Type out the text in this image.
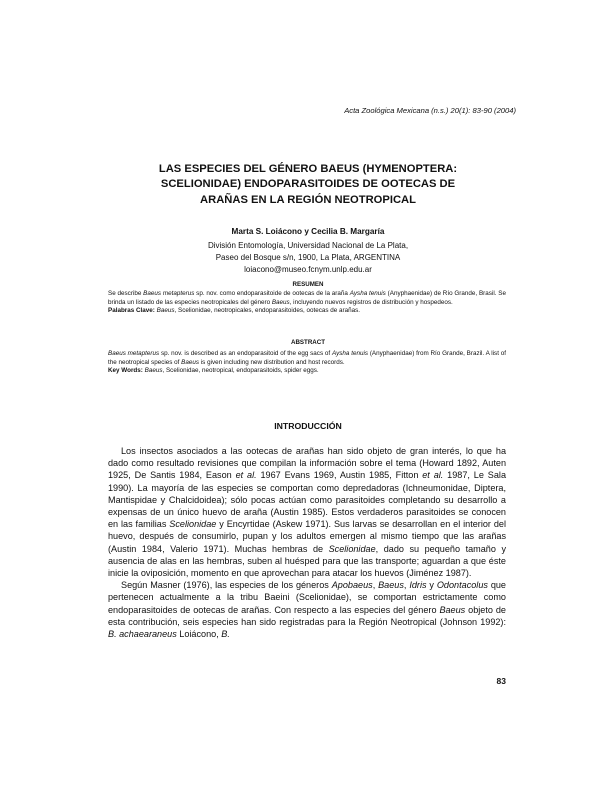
Acta Zoológica Mexicana (n.s.) 20(1): 83-90 (2004)
LAS ESPECIES DEL GÉNERO BAEUS (HYMENOPTERA:
SCELIONIDAE) ENDOPARASITOIDES DE OOTECAS DE
ARAÑAS EN LA REGIÓN NEOTROPICAL
Marta S. Loiácono y Cecilia B. Margaría
División Entomología, Universidad Nacional de La Plata,
Paseo del Bosque s/n, 1900, La Plata, ARGENTINA
loiacono@museo.fcnym.unlp.edu.ar
RESUMEN

Se describe Baeus metapterus sp. nov. como endoparasitoide de ootecas de la araña Aysha tenuis (Anyphaenidae) de Río Grande, Brasil. Se brinda un listado de las especies neotropicales del género Baeus, incluyendo nuevos registros de distribución y hospedeos.

Palabras Clave: Baeus, Scelionidae, neotropicales, endoparasitoides, ootecas de arañas.

ABSTRACT

Baeus metapterus sp. nov. is described as an endoparasitoid of the egg sacs of Aysha tenuis (Anyphaenidae) from Río Grande, Brazil. A list of the neotropical species of Baeus is given including new distribution and host records.

Key Words: Baeus, Scelionidae, neotropical, endoparasitoids, spider eggs.

INTRODUCCIÓN

Los insectos asociados a las ootecas de arañas han sido objeto de gran interés, lo que ha dado como resultado revisiones que compilan la información sobre el tema (Howard 1892, Auten 1925, De Santis 1984, Eason et al. 1967 Evans 1969, Austin 1985, Fitton et al. 1987, Le Sala 1990). La mayoría de las especies se comportan como depredadoras (Ichneumonidae, Diptera, Mantispidae y Chalcidoidea); sólo pocas actúan como parasitoides completando su desarrollo a expensas de un único huevo de araña (Austin 1985). Estos verdaderos parasitoides se conocen en las familias Scelionidae y Encyrtidae (Askew 1971). Sus larvas se desarrollan en el interior del huevo, después de consumirlo, pupan y los adultos emergen al mismo tiempo que las arañas (Austin 1984, Valerio 1971). Muchas hembras de Scelionidae, dado su pequeño tamaño y ausencia de alas en las hembras, suben al huésped para que las transporte; aguardan a que éste inicie la oviposición, momento en que aprovechan para atacar los huevos (Jiménez 1987).

Según Masner (1976), las especies de los géneros Apobaeus, Baeus, Idris y Odontacolus que pertenecen actualmente a la tribu Baeini (Scelionidae), se comportan estrictamente como endoparasitoides de ootecas de arañas. Con respecto a las especies del género Baeus objeto de esta contribución, seis especies han sido registradas para la Región Neotropical (Johnson 1992): B. achaearaneus Loiácono, B.

83
